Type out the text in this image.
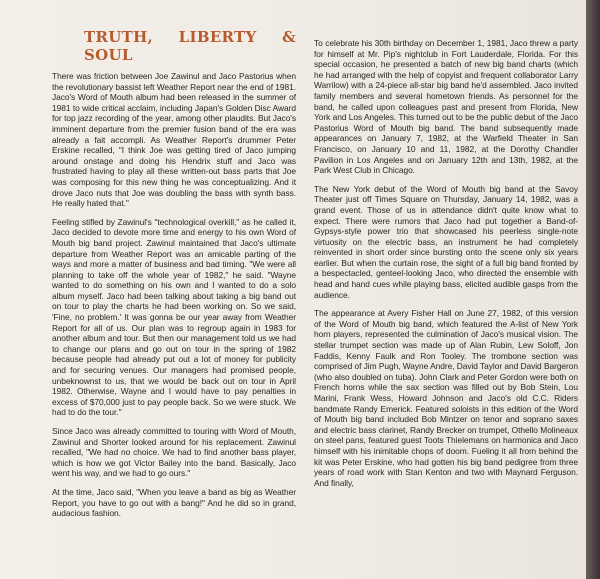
TRUTH, LIBERTY & SOUL

There was friction between Joe Zawinul and Jaco Pastorius when the revolutionary bassist left Weather Report near the end of 1981. Jaco's Word of Mouth album had been released in the summer of 1981 to wide critical acclaim, including Japan's Golden Disc Award for top jazz recording of the year, among other plaudits. But Jaco's imminent departure from the premier fusion band of the era was already a fait accompli. As Weather Report's drummer Peter Erskine recalled, "I think Joe was getting tired of Jaco jumping around onstage and doing his Hendrix stuff and Jaco was frustrated having to play all these written-out bass parts that Joe was composing for this new thing he was conceptualizing. And it drove Jaco nuts that Joe was doubling the bass with synth bass. He really hated that."

Feeling stifled by Zawinul's "technological overkill," as he called it, Jaco decided to devote more time and energy to his own Word of Mouth big band project. Zawinul maintained that Jaco's ultimate departure from Weather Report was an amicable parting of the ways and more a matter of business and bad timing. "We were all planning to take off the whole year of 1982," he said. "Wayne wanted to do something on his own and I wanted to do a solo album myself. Jaco had been talking about taking a big band out on tour to play the charts he had been working on. So we said, 'Fine, no problem.' It was gonna be our year away from Weather Report for all of us. Our plan was to regroup again in 1983 for another album and tour. But then our management told us we had to change our plans and go out on tour in the spring of 1982 because people had already put out a lot of money for publicity and for securing venues. Our managers had promised people, unbeknownst to us, that we would be back out on tour in April 1982. Otherwise, Wayne and I would have to pay penalties in excess of $70,000 just to pay people back. So we were stuck. We had to do the tour."

Since Jaco was already committed to touring with Word of Mouth, Zawinul and Shorter looked around for his replacement. Zawinul recalled, "We had no choice. We had to find another bass player, which is how we got Victor Bailey into the band. Basically, Jaco went his way, and we had to go ours."

At the time, Jaco said, "When you leave a band as big as Weather Report, you have to go out with a bang!" And he did so in grand, audacious fashion.

To celebrate his 30th birthday on December 1, 1981, Jaco threw a party for himself at Mr. Pip's nightclub in Fort Lauderdale, Florida. For this special occasion, he presented a batch of new big band charts (which he had arranged with the help of copyist and frequent collaborator Larry Warrilow) with a 24-piece all-star big band he'd assembled. Jaco invited family members and several hometown friends. As personnel for the band, he called upon colleagues past and present from Florida, New York and Los Angeles. This turned out to be the public debut of the Jaco Pastorius Word of Mouth big band. The band subsequently made appearances on January 7, 1982, at the Warfield Theater in San Francisco, on January 10 and 11, 1982, at the Dorothy Chandler Pavilion in Los Angeles and on January 12th and 13th, 1982, at the Park West Club in Chicago.

The New York debut of the Word of Mouth big band at the Savoy Theater just off Times Square on Thursday, January 14, 1982, was a grand event. Those of us in attendance didn't quite know what to expect. There were rumors that Jaco had put together a Band-of-Gypsys-style power trio that showcased his peerless single-note virtuosity on the electric bass, an instrument he had completely reinvented in short order since bursting onto the scene only six years earlier. But when the curtain rose, the sight of a full big band fronted by a bespectacled, genteel-looking Jaco, who directed the ensemble with head and hand cues while playing bass, elicited audible gasps from the audience.

The appearance at Avery Fisher Hall on June 27, 1982, of this version of the Word of Mouth big band, which featured the A-list of New York horn players, represented the culmination of Jaco's musical vision. The stellar trumpet section was made up of Alan Rubin, Lew Soloff, Jon Faddis, Kenny Faulk and Ron Tooley. The trombone section was comprised of Jim Pugh, Wayne Andre, David Taylor and David Bargeron (who also doubled on tuba). John Clark and Peter Gordon were both on French horns while the sax section was filled out by Bob Stein, Lou Marini, Frank Wess, Howard Johnson and Jaco's old C.C. Riders bandmate Randy Emerick. Featured soloists in this edition of the Word of Mouth big band included Bob Mintzer on tenor and soprano saxes and electric bass clarinet, Randy Brecker on trumpet, Othello Molineaux on steel pans, featured guest Toots Thielemans on harmonica and Jaco himself with his inimitable chops of doom. Fueling it all from behind the kit was Peter Erskine, who had gotten his big band pedigree from three years of road work with Stan Kenton and two with Maynard Ferguson. And finally,
